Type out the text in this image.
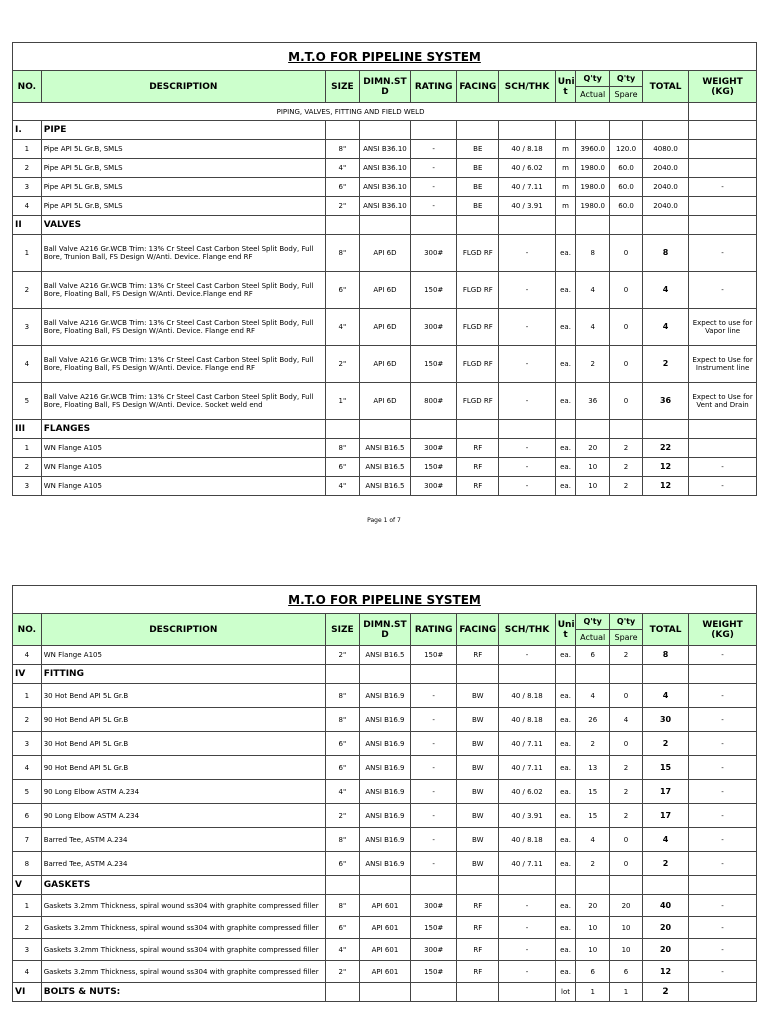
M.T.O FOR PIPELINE SYSTEM											
NO.	DESCRIPTION	SIZE	DIMN.ST D	RATING	FACING	SCH/THK	Uni t	Q'ty	Q'ty	TOTAL	WEIGHT (KG)
								Actual	Spare		
PIPING, VALVES, FITTING AND FIELD WELD											
I.	PIPE										
1	Pipe API 5L Gr.B, SMLS	8"	ANSI B36.10	-	BE	40 / 8.18	m	3960.0	120.0	4080.0	
2	Pipe API 5L Gr.B, SMLS	4"	ANSI B36.10	-	BE	40 / 6.02	m	1980.0	60.0	2040.0	
3	Pipe API 5L Gr.B, SMLS	6"	ANSI B36.10	-	BE	40 / 7.11	m	1980.0	60.0	2040.0	-
4	Pipe API 5L Gr.B, SMLS	2"	ANSI B36.10	-	BE	40 / 3.91	m	1980.0	60.0	2040.0	
II	VALVES										
1	Ball Valve A216 Gr.WCB Trim: 13% Cr Steel Cast Carbon Steel Split Body, Full Bore, Trunion Ball, FS Design W/Anti. Device. Flange end RF	8"	API 6D	300#	FLGD RF	-	ea.	8	0	8	-
2	Ball Valve A216 Gr.WCB Trim: 13% Cr Steel Cast Carbon Steel Split Body, Full Bore, Floating Ball, FS Design W/Anti. Device.Flange end RF	6"	API 6D	150#	FLGD RF	-	ea.	4	0	4	-
3	Ball Valve A216 Gr.WCB Trim: 13% Cr Steel Cast Carbon Steel Split Body, Full Bore, Floating Ball, FS Design W/Anti. Device. Flange end RF	4"	API 6D	300#	FLGD RF	-	ea.	4	0	4	Expect to use for Vapor line
4	Ball Valve A216 Gr.WCB Trim: 13% Cr Steel Cast Carbon Steel Split Body, Full Bore, Floating Ball, FS Design W/Anti. Device. Flange end RF	2"	API 6D	150#	FLGD RF	-	ea.	2	0	2	Expect to Use for Instrument line
5	Ball Valve A216 Gr.WCB Trim: 13% Cr Steel Cast Carbon Steel Split Body, Full Bore, Floating Ball, FS Design W/Anti. Device. Socket weld end	1"	API 6D	800#	FLGD RF	-	ea.	36	0	36	Expect to Use for Vent and Drain
III	FLANGES										
1	WN Flange A105	8"	ANSI B16.5	300#	RF	-	ea.	20	2	22	
2	WN Flange A105	6"	ANSI B16.5	150#	RF	-	ea.	10	2	12	-
3	WN Flange A105	4"	ANSI B16.5	300#	RF	-	ea.	10	2	12	-
Page 1 of 7
M.T.O FOR PIPELINE SYSTEM											
NO.	DESCRIPTION	SIZE	DIMN.ST D	RATING	FACING	SCH/THK	Uni t	Q'ty	Q'ty	TOTAL	WEIGHT (KG)
								Actual	Spare		
4	WN Flange A105	2"	ANSI B16.5	150#	RF	-	ea.	6	2	8	-
IV	FITTING										
1	30 Hot Bend API 5L Gr.B	8"	ANSI B16.9	-	BW	40 / 8.18	ea.	4	0	4	-
2	90 Hot Bend API 5L Gr.B	8"	ANSI B16.9	-	BW	40 / 8.18	ea.	26	4	30	-
3	30 Hot Bend API 5L Gr.B	6"	ANSI B16.9	-	BW	40 / 7.11	ea.	2	0	2	-
4	90 Hot Bend API 5L Gr.B	6"	ANSI B16.9	-	BW	40 / 7.11	ea.	13	2	15	-
5	90 Long Elbow ASTM A.234	4"	ANSI B16.9	-	BW	40 / 6.02	ea.	15	2	17	-
6	90 Long Elbow ASTM A.234	2"	ANSI B16.9	-	BW	40 / 3.91	ea.	15	2	17	-
7	Barred Tee, ASTM A.234	8"	ANSI B16.9	-	BW	40 / 8.18	ea.	4	0	4	-
8	Barred Tee, ASTM A.234	6"	ANSI B16.9	-	BW	40 / 7.11	ea.	2	0	2	-
V	GASKETS										
1	Gaskets 3.2mm Thickness, spiral wound ss304 with graphite compressed filler	8"	API 601	300#	RF	-	ea.	20	20	40	-
2	Gaskets 3.2mm Thickness, spiral wound ss304 with graphite compressed filler	6"	API 601	150#	RF	-	ea.	10	10	20	-
3	Gaskets 3.2mm Thickness, spiral wound ss304 with graphite compressed filler	4"	API 601	300#	RF	-	ea.	10	10	20	-
4	Gaskets 3.2mm Thickness, spiral wound ss304 with graphite compressed filler	2"	API 601	150#	RF	-	ea.	6	6	12	-
VI	BOLTS & NUTS:						lot	1	1	2	
